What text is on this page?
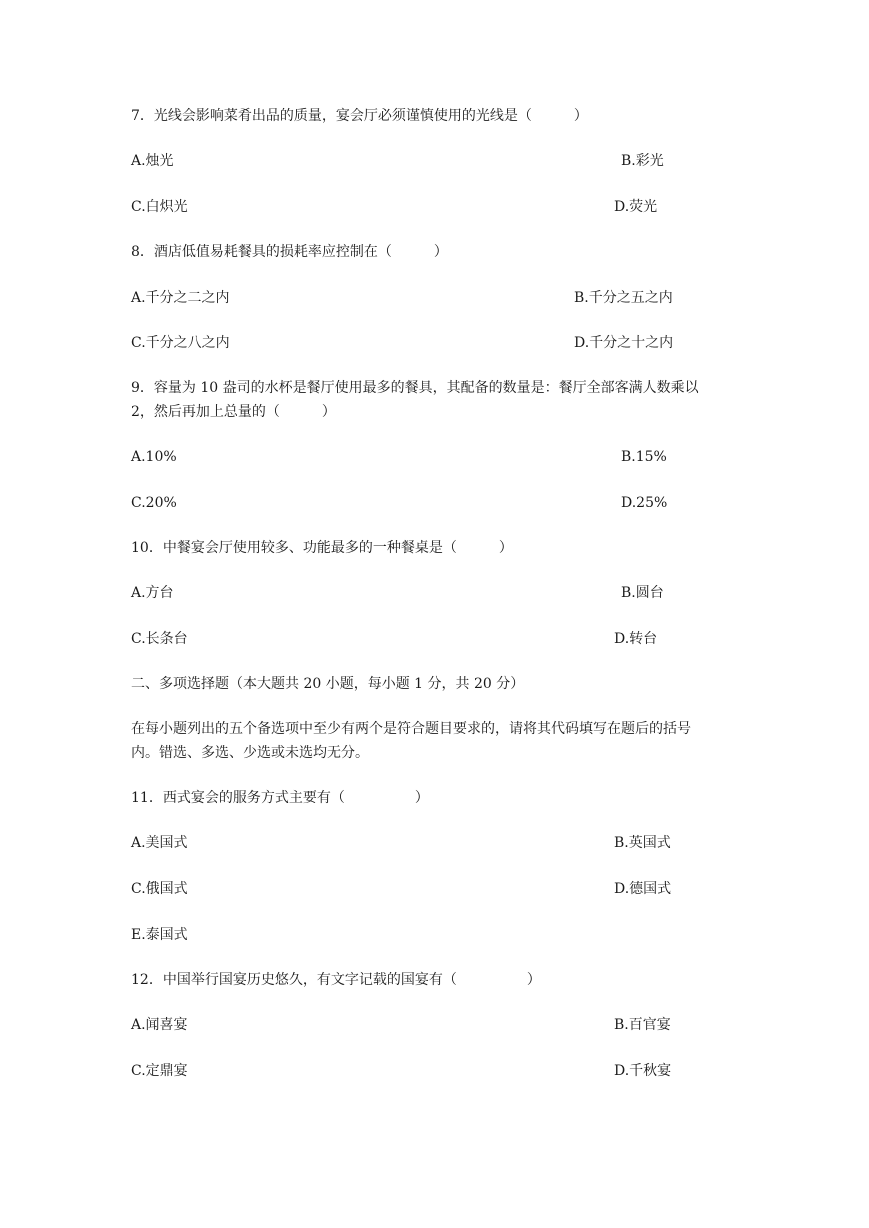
7．光线会影响菜肴出品的质量，宴会厅必须谨慎使用的光线是（　　　）
A.烛光	B.彩光
C.白炽光	D.荧光
8．酒店低值易耗餐具的损耗率应控制在（　　　）
A.千分之二之内	B.千分之五之内
C.千分之八之内	D.千分之十之内
9．容量为 10 盎司的水杯是餐厅使用最多的餐具，其配备的数量是：餐厅全部客满人数乘以
2，然后再加上总量的（　　　）
A.10%	B.15%
C.20%	D.25%
10．中餐宴会厅使用较多、功能最多的一种餐桌是（　　　）
A.方台	B.圆台
C.长条台	D.转台
二、多项选择题（本大题共 20 小题，每小题 1 分，共 20 分）
在每小题列出的五个备选项中至少有两个是符合题目要求的，请将其代码填写在题后的括号
内。错选、多选、少选或未选均无分。
11．西式宴会的服务方式主要有（　　　　　）
A.美国式	B.英国式
C.俄国式	D.德国式
E.泰国式
12．中国举行国宴历史悠久，有文字记载的国宴有（　　　　　）
A.闻喜宴	B.百官宴
C.定鼎宴	D.千秋宴
